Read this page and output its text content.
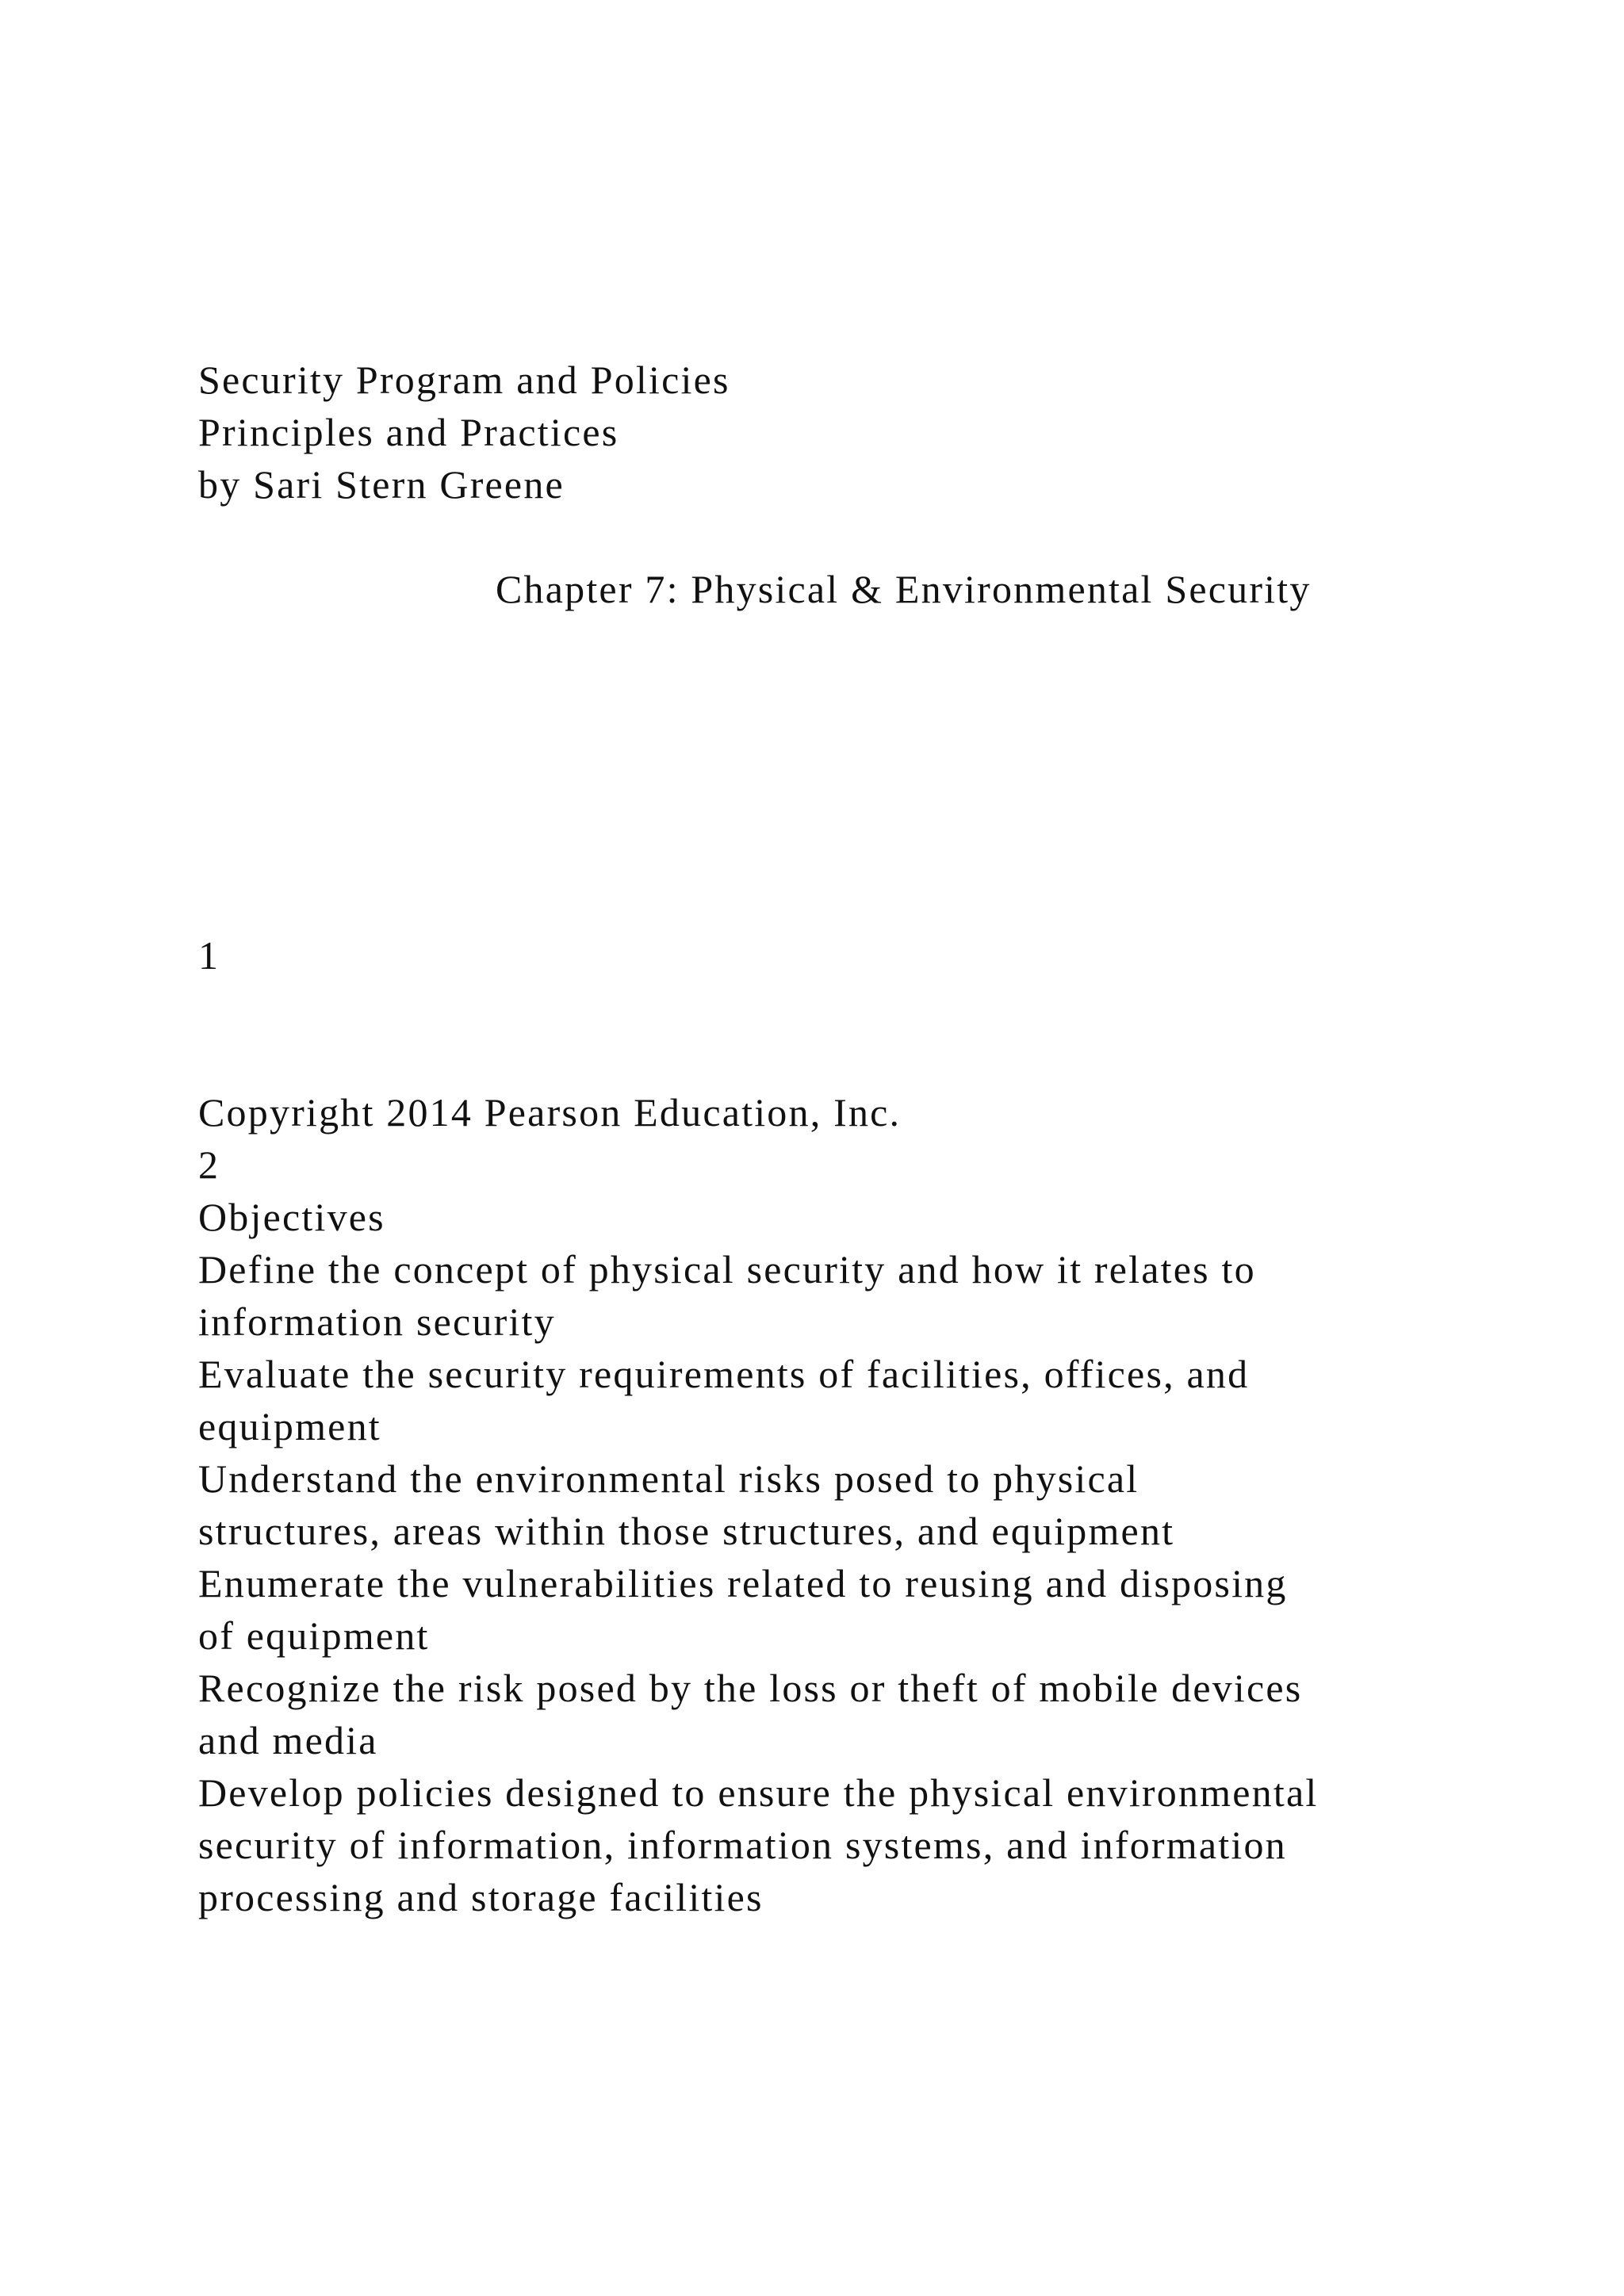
Security Program and Policies

Principles and Practices

by Sari Stern Greene

Chapter 7: Physical & Environmental Security

1

Copyright 2014 Pearson Education, Inc.

2

Objectives

Define the concept of physical security and how it relates to

information security

Evaluate the security requirements of facilities, offices, and

equipment

Understand the environmental risks posed to physical

structures, areas within those structures, and equipment

Enumerate the vulnerabilities related to reusing and disposing

of equipment

Recognize the risk posed by the loss or theft of mobile devices

and media

Develop policies designed to ensure the physical environmental

security of information, information systems, and information

processing and storage facilities
